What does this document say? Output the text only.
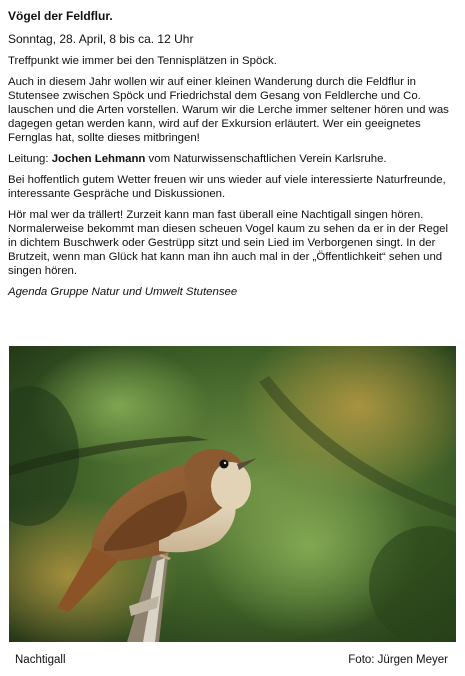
Vögel der Feldflur.
Sonntag, 28. April, 8 bis ca. 12 Uhr
Treffpunkt wie immer bei den Tennisplätzen in Spöck.
Auch in diesem Jahr wollen wir auf einer kleinen Wanderung durch die Feldflur in Stutensee zwischen Spöck und Friedrichstal dem Gesang von Feldlerche und Co. lauschen und die Arten vorstellen. Warum wir die Lerche immer seltener hören und was dagegen getan werden kann, wird auf der Exkursion erläutert. Wer ein geeignetes Fernglas hat, sollte dieses mitbringen!
Leitung: Jochen Lehmann vom Naturwissenschaftlichen Verein Karlsruhe.
Bei hoffentlich gutem Wetter freuen wir uns wieder auf viele interessierte Naturfreunde, interessante Gespräche und Diskussionen.
Hör mal wer da trällert! Zurzeit kann man fast überall eine Nachtigall singen hören. Normalerweise bekommt man diesen scheuen Vogel kaum zu sehen da er in der Regel in dichtem Buschwerk oder Gestrüpp sitzt und sein Lied im Verborgenen singt. In der Brutzeit, wenn man Glück hat kann man ihn auch mal in der „Öffentlichkeit“ sehen und singen hören.
Agenda Gruppe Natur und Umwelt Stutensee
Nachtigall	Foto: Jürgen Meyer
